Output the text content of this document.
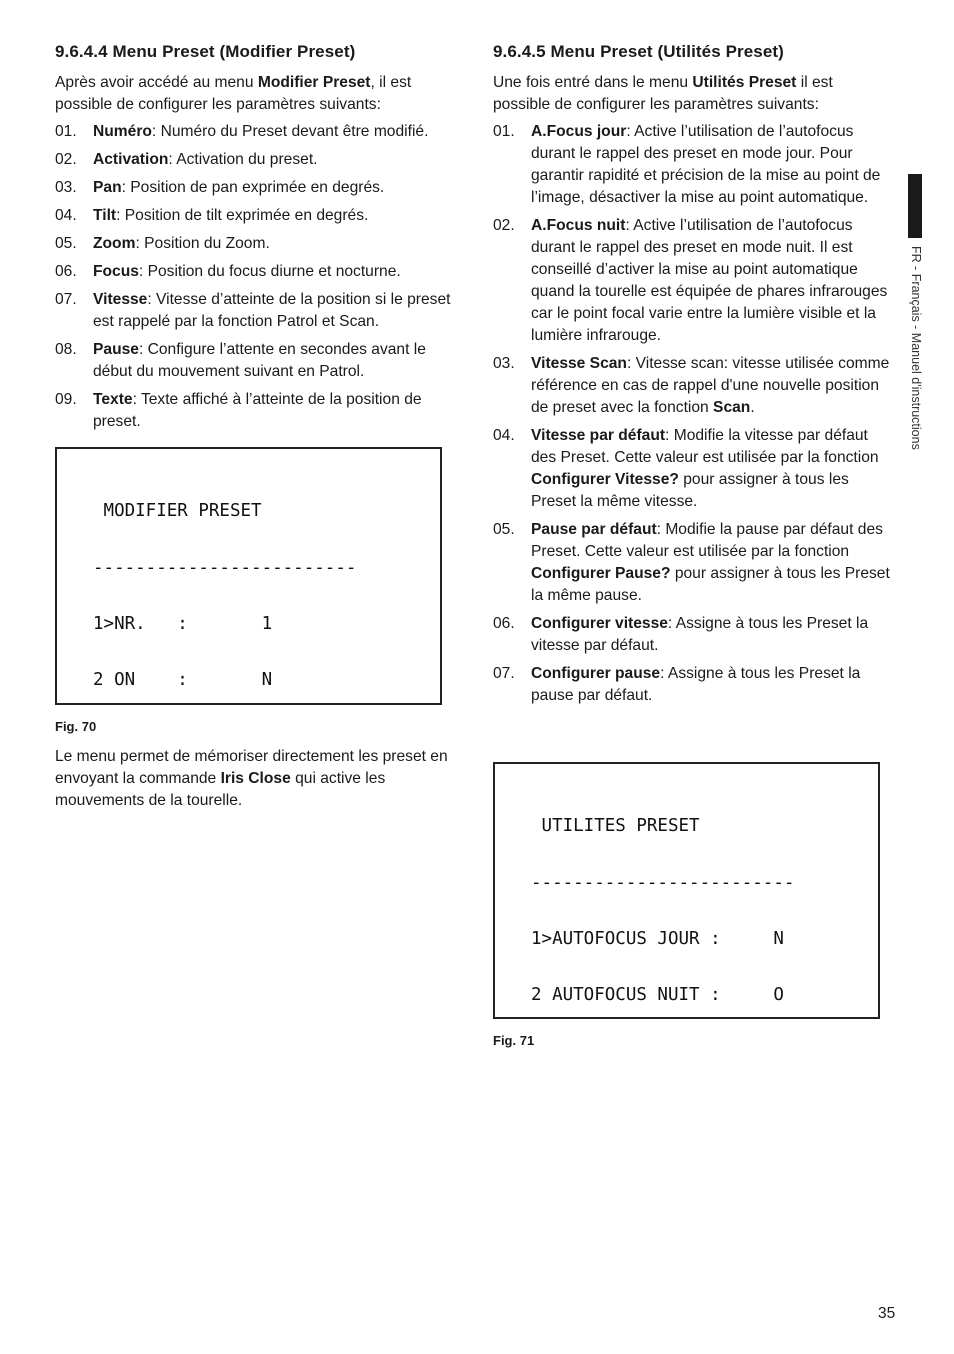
9.6.4.4 Menu Preset (Modifier Preset)

Après avoir accédé au menu Modifier Preset, il est possible de configurer les paramètres suivants:

01.	Numéro: Numéro du Preset devant être modifié.
02.	Activation: Activation du preset.
03.	Pan: Position de pan exprimée en degrés.
04.	Tilt: Position de tilt exprimée en degrés.
05.	Zoom: Position du Zoom.
06.	Focus: Position du focus diurne et nocturne.
07.	Vitesse: Vitesse d’atteinte de la position si le preset est rappelé par la fonction Patrol et Scan.
08.	Pause: Configure l’attente en secondes avant le début du mouvement suivant en Patrol.
09.	Texte: Texte affiché à l’atteinte de la position de preset.

MODIFIER PRESET

-------------------------

1>NR.   :       1

2 ON    :       N

Fig. 70

Le menu permet de mémoriser directement les preset en envoyant la commande Iris Close qui active les mouvements de la tourelle.

9.6.4.5 Menu Preset (Utilités Preset)

Une fois entré dans le menu Utilités Preset il est possible de configurer les paramètres suivants:

01.	A.Focus jour: Active l’utilisation de l’autofocus durant le rappel des preset en mode jour. Pour garantir rapidité et précision de la mise au point de l’image, désactiver la mise au point automatique.
02.	A.Focus nuit: Active l’utilisation de l’autofocus durant le rappel des preset en mode nuit. Il est conseillé d’activer la mise au point automatique quand la tourelle est équipée de phares infrarouges car le point focal varie entre la lumière visible et la lumière infrarouge.
03.	Vitesse Scan: Vitesse scan: vitesse utilisée comme référence en cas de rappel d'une nouvelle position de preset avec la fonction Scan.
04.	Vitesse par défaut: Modifie la vitesse par défaut des Preset. Cette valeur est utilisée par la fonction Configurer Vitesse? pour assigner à tous les Preset la même vitesse.
05.	Pause par défaut: Modifie la pause par défaut des Preset. Cette valeur est utilisée par la fonction Configurer Pause? pour assigner à tous les Preset la même pause.
06.	Configurer vitesse: Assigne à tous les Preset la vitesse par défaut.
07.	Configurer pause: Assigne à tous les Preset la pause par défaut.

UTILITES PRESET

-------------------------

1>AUTOFOCUS JOUR :     N

2 AUTOFOCUS NUIT :     O

Fig. 71
FR - Français - Manuel d'instructions
35
